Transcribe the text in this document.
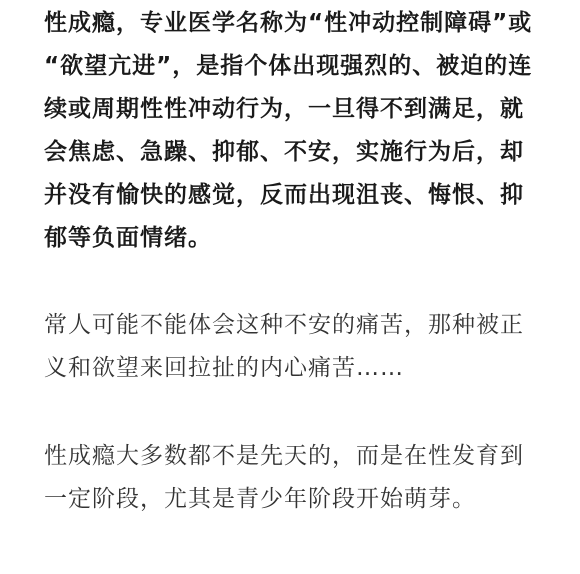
性成瘾，专业医学名称为“性冲动控制障碍”或
“欲望亢进”，是指个体出现强烈的、被迫的连
续或周期性性冲动行为，一旦得不到满足，就
会焦虑、急躁、抑郁、不安，实施行为后，却
并没有愉快的感觉，反而出现沮丧、悔恨、抑
郁等负面情绪。

常人可能不能体会这种不安的痛苦，那种被正
义和欲望来回拉扯的内心痛苦……

性成瘾大多数都不是先天的，而是在性发育到
一定阶段，尤其是青少年阶段开始萌芽。
